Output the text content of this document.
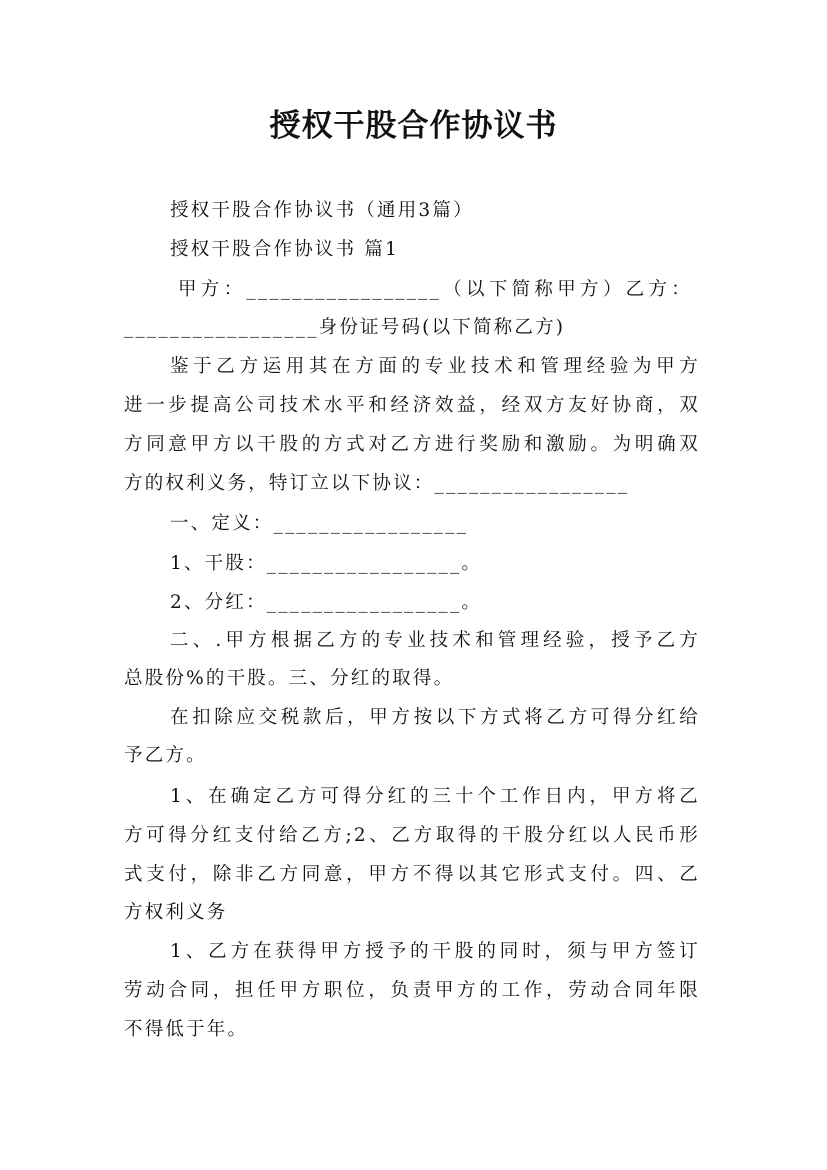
授权干股合作协议书
授权干股合作协议书（通用3篇）
授权干股合作协议书 篇1
甲方：_________________（以下简称甲方）乙方：
_________________身份证号码(以下简称乙方)
鉴于乙方运用其在方面的专业技术和管理经验为甲方
进一步提高公司技术水平和经济效益，经双方友好协商，双
方同意甲方以干股的方式对乙方进行奖励和激励。为明确双
方的权利义务，特订立以下协议：_________________
一、定义：_________________
1、干股：_________________。
2、分红：_________________。
二、.甲方根据乙方的专业技术和管理经验，授予乙方
总股份%的干股。三、分红的取得。
在扣除应交税款后，甲方按以下方式将乙方可得分红给
予乙方。
1、在确定乙方可得分红的三十个工作日内，甲方将乙
方可得分红支付给乙方;2、乙方取得的干股分红以人民币形
式支付，除非乙方同意，甲方不得以其它形式支付。四、乙
方权利义务
1、乙方在获得甲方授予的干股的同时，须与甲方签订
劳动合同，担任甲方职位，负责甲方的工作，劳动合同年限
不得低于年。
